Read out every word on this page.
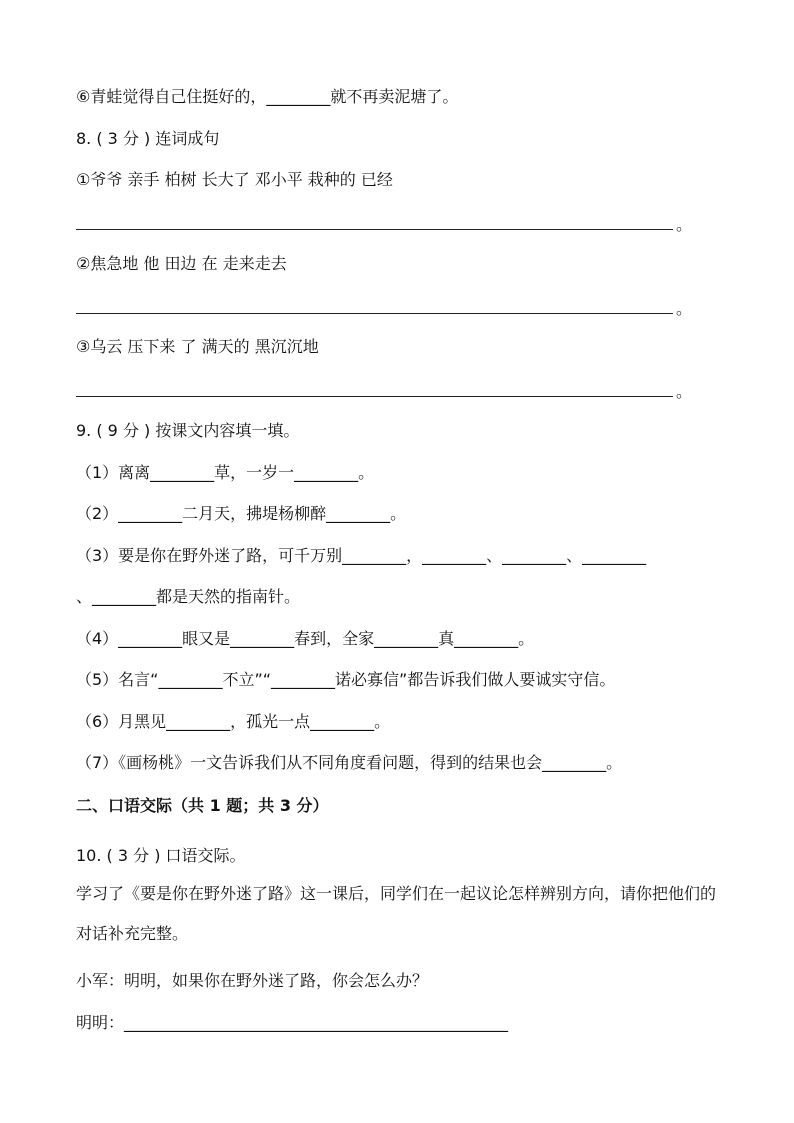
⑥青蛙觉得自己住挺好的，________就不再卖泥塘了。
8. ( 3 分 ) 连词成句
①爷爷 亲手 柏树 长大了 邓小平 栽种的 已经
。
②焦急地 他 田边 在 走来走去
。
③乌云 压下来 了 满天的 黑沉沉地
。
9. ( 9 分 ) 按课文内容填一填。
（1）离离________草，一岁一________。
（2）________二月天，拂堤杨柳醉________。
（3）要是你在野外迷了路，可千万别________，________、________、________
、________都是天然的指南针。
（4）________眼又是________春到，全家________真________。
（5）名言“________不立”“________诺必寡信”都告诉我们做人要诚实守信。
（6）月黑见________，孤光一点________。
（7）《画杨桃》一文告诉我们从不同角度看问题，得到的结果也会________。
二、口语交际（共 1 题；共 3 分）
10. ( 3 分 ) 口语交际。
学习了《要是你在野外迷了路》这一课后，同学们在一起议论怎样辨别方向，请你把他们的对话补充完整。
小军：明明，如果你在野外迷了路，你会怎么办？
明明：________________________________________________
